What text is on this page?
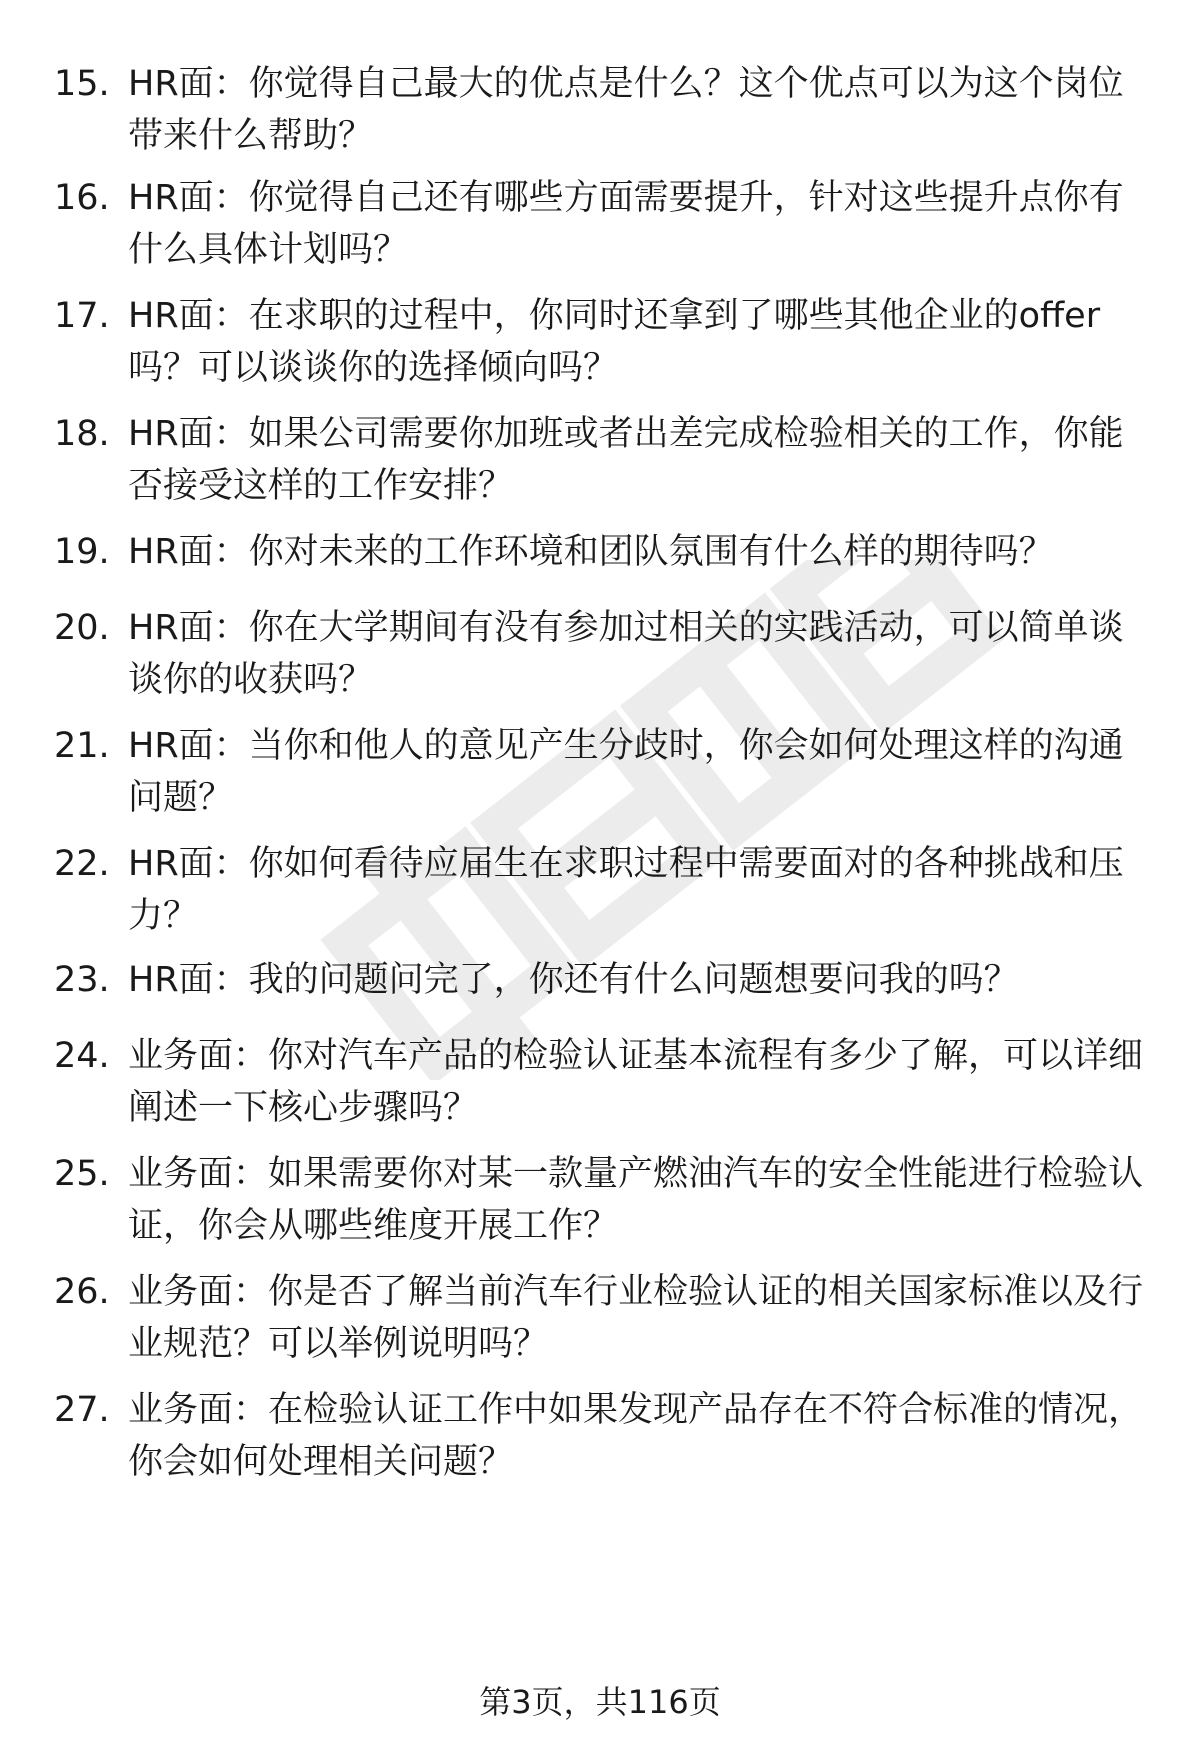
15. HR面：你觉得自己最大的优点是什么？这个优点可以为这个岗位带来什么帮助？
16. HR面：你觉得自己还有哪些方面需要提升，针对这些提升点你有什么具体计划吗？
17. HR面：在求职的过程中，你同时还拿到了哪些其他企业的offer吗？可以谈谈你的选择倾向吗？
18. HR面：如果公司需要你加班或者出差完成检验相关的工作，你能否接受这样的工作安排？
19. HR面：你对未来的工作环境和团队氛围有什么样的期待吗？
20. HR面：你在大学期间有没有参加过相关的实践活动，可以简单谈谈你的收获吗？
21. HR面：当你和他人的意见产生分歧时，你会如何处理这样的沟通问题？
22. HR面：你如何看待应届生在求职过程中需要面对的各种挑战和压力？
23. HR面：我的问题问完了，你还有什么问题想要问我的吗？
24. 业务面：你对汽车产品的检验认证基本流程有多少了解，可以详细阐述一下核心步骤吗？
25. 业务面：如果需要你对某一款量产燃油汽车的安全性能进行检验认证，你会从哪些维度开展工作？
26. 业务面：你是否了解当前汽车行业检验认证的相关国家标准以及行业规范？可以举例说明吗？
27. 业务面：在检验认证工作中如果发现产品存在不符合标准的情况，你会如何处理相关问题？
第3页，共116页
